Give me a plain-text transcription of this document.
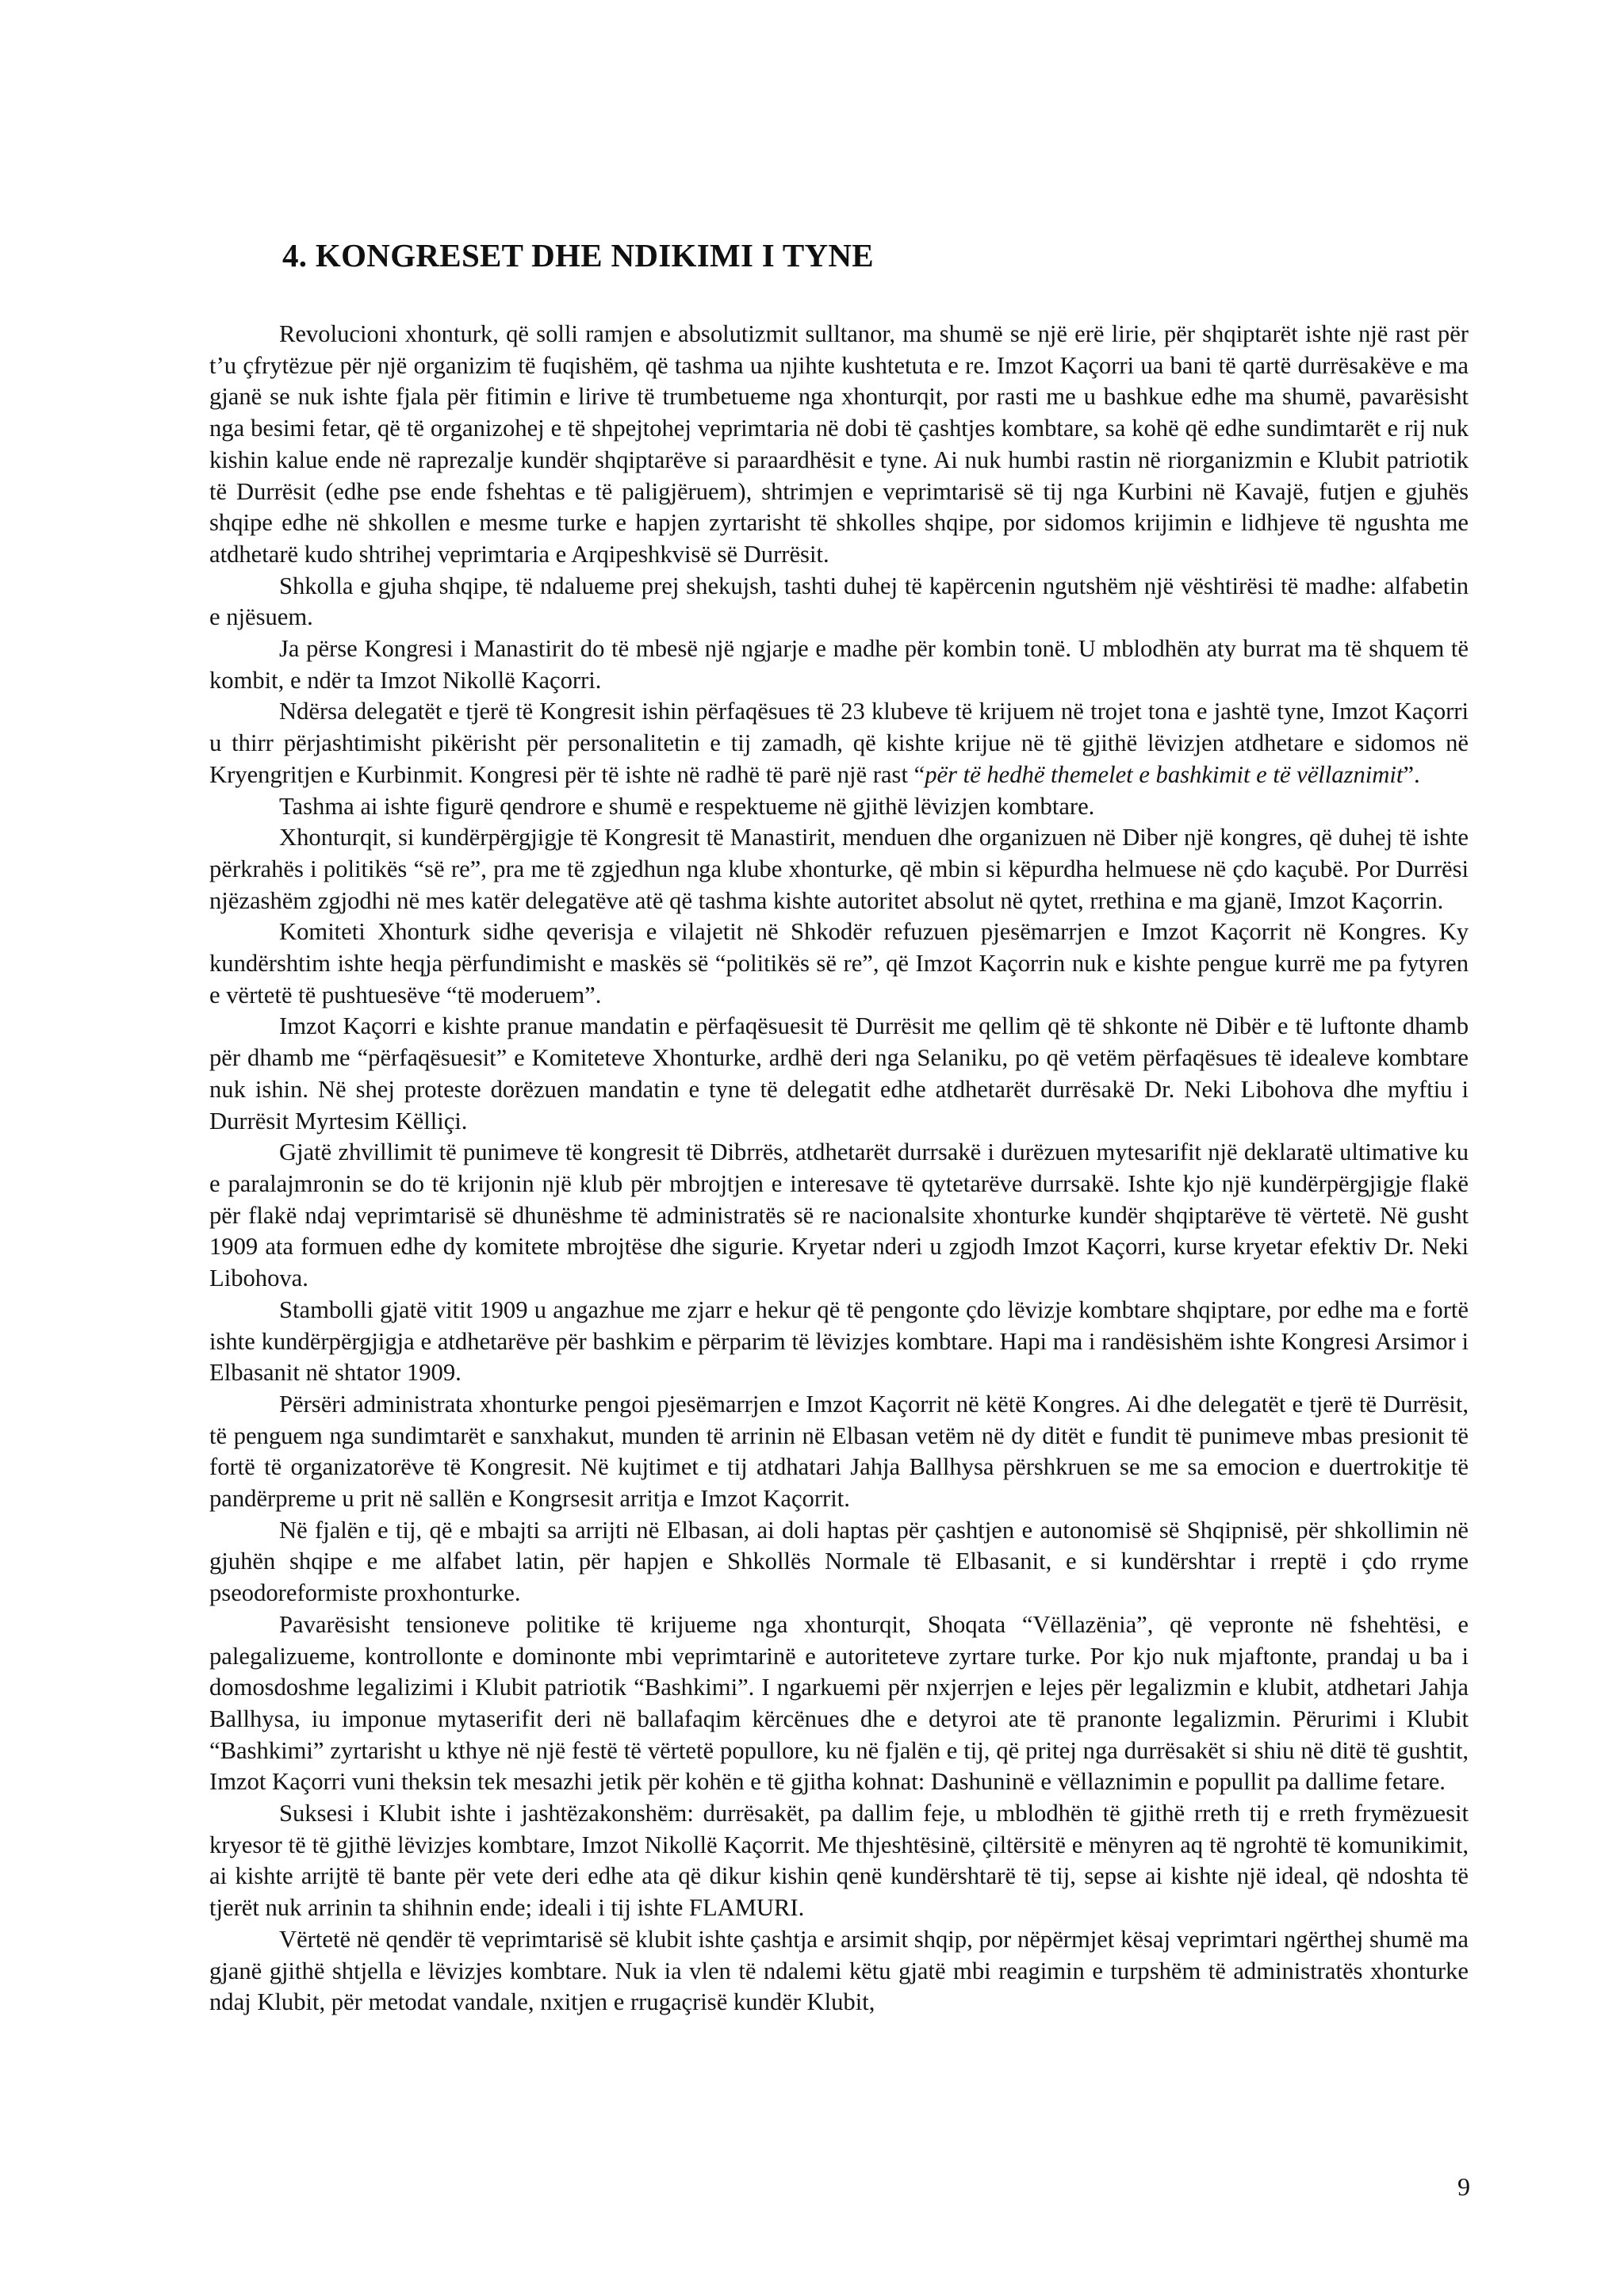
4. KONGRESET DHE NDIKIMI I TYNE

Revolucioni xhonturk, që solli ramjen e absolutizmit sulltanor, ma shumë se një erë lirie, për shqiptarët ishte një rast për t’u çfrytëzue për një organizim të fuqishëm, që tashma ua njihte kushtetuta e re. Imzot Kaçorri ua bani të qartë durrësakëve e ma gjanë se nuk ishte fjala për fitimin e lirive të trumbetueme nga xhonturqit, por rasti me u bashkue edhe ma shumë, pavarësisht nga besimi fetar, që të organizohej e të shpejtohej veprimtaria në dobi të çashtjes kombtare, sa kohë që edhe sundimtarët e rij nuk kishin kalue ende në raprezalje kundër shqiptarëve si paraardhësit e tyne. Ai nuk humbi rastin në riorganizmin e Klubit patriotik të Durrësit (edhe pse ende fshehtas e të paligjëruem), shtrimjen e veprimtarisë së tij nga Kurbini në Kavajë, futjen e gjuhës shqipe edhe në shkollen e mesme turke e hapjen zyrtarisht të shkolles shqipe, por sidomos krijimin e lidhjeve të ngushta me atdhetarë kudo shtrihej veprimtaria e Arqipeshkvisë së Durrësit.

Shkolla e gjuha shqipe, të ndalueme prej shekujsh, tashti duhej të kapërcenin ngutshëm një vështirësi të madhe: alfabetin e njësuem.

Ja përse Kongresi i Manastirit do të mbesë një ngjarje e madhe për kombin tonë. U mblodhën aty burrat ma të shquem të kombit, e ndër ta Imzot Nikollë Kaçorri.

Ndërsa delegatët e tjerë të Kongresit ishin përfaqësues të 23 klubeve të krijuem në trojet tona e jashtë tyne, Imzot Kaçorri u thirr përjashtimisht pikërisht për personalitetin e tij zamadh, që kishte krijue në të gjithë lëvizjen atdhetare e sidomos në Kryengritjen e Kurbinmit. Kongresi për të ishte në radhë të parë një rast “për të hedhë themelet e bashkimit e të vëllaznimit”.

Tashma ai ishte figurë qendrore e shumë e respektueme në gjithë lëvizjen kombtare.

Xhonturqit, si kundërpërgjigje të Kongresit të Manastirit, menduen dhe organizuen në Diber një kongres, që duhej të ishte përkrahës i politikës “së re”, pra me të zgjedhun nga klube xhonturke, që mbin si këpurdha helmuese në çdo kaçubë. Por Durrësi njëzashëm zgjodhi në mes katër delegatëve atë që tashma kishte autoritet absolut në qytet, rrethina e ma gjanë, Imzot Kaçorrin.

Komiteti Xhonturk sidhe qeverisja e vilajetit në Shkodër refuzuen pjesëmarrjen e Imzot Kaçorrit në Kongres. Ky kundërshtim ishte heqja përfundimisht e maskës së “politikës së re”, që Imzot Kaçorrin nuk e kishte pengue kurrë me pa fytyren e vërtetë të pushtuesëve “të moderuem”.

Imzot Kaçorri e kishte pranue mandatin e përfaqësuesit të Durrësit me qellim që të shkonte në Dibër e të luftonte dhamb për dhamb me “përfaqësuesit” e Komiteteve Xhonturke, ardhë deri nga Selaniku, po që vetëm përfaqësues të idealeve kombtare nuk ishin. Në shej proteste dorëzuen mandatin e tyne të delegatit edhe atdhetarët durrësakë Dr. Neki Libohova dhe myftiu i Durrësit Myrtesim Këlliçi.

Gjatë zhvillimit të punimeve të kongresit të Dibrrës, atdhetarët durrsakë i durëzuen mytesarifit një deklaratë ultimative ku e paralajmronin se do të krijonin një klub për mbrojtjen e interesave të qytetarëve durrsakë. Ishte kjo një kundërpërgjigje flakë për flakë ndaj veprimtarisë së dhunëshme të administratës së re nacionalsite xhonturke kundër shqiptarëve të vërtetë. Në gusht 1909 ata formuen edhe dy komitete mbrojtëse dhe sigurie. Kryetar nderi u zgjodh Imzot Kaçorri, kurse kryetar efektiv Dr. Neki Libohova.

Stambolli gjatë vitit 1909 u angazhue me zjarr e hekur që të pengonte çdo lëvizje kombtare shqiptare, por edhe ma e fortë ishte kundërpërgjigja e atdhetarëve për bashkim e përparim të lëvizjes kombtare. Hapi ma i randësishëm ishte Kongresi Arsimor i Elbasanit në shtator 1909.

Përsëri administrata xhonturke pengoi pjesëmarrjen e Imzot Kaçorrit në këtë Kongres. Ai dhe delegatët e tjerë të Durrësit, të penguem nga sundimtarët e sanxhakut, munden të arrinin në Elbasan vetëm në dy ditët e fundit të punimeve mbas presionit të fortë të organizatorëve të Kongresit. Në kujtimet e tij atdhatari Jahja Ballhysa përshkruen se me sa emocion e duertrokitje të pandërpreme u prit në sallën e Kongrsesit arritja e Imzot Kaçorrit.

Në fjalën e tij, që e mbajti sa arrijti në Elbasan, ai doli haptas për çashtjen e autonomisë së Shqipnisë, për shkollimin në gjuhën shqipe e me alfabet latin, për hapjen e Shkollës Normale të Elbasanit, e si kundërshtar i rreptë i çdo rryme pseodoreformiste proxhonturke.

Pavarësisht tensioneve politike të krijueme nga xhonturqit, Shoqata “Vëllazënia”, që vepronte në fshehtësi, e palegalizueme, kontrollonte e dominonte mbi veprimtarinë e autoriteteve zyrtare turke. Por kjo nuk mjaftonte, prandaj u ba i domosdoshme legalizimi i Klubit patriotik “Bashkimi”. I ngarkuemi për nxjerrjen e lejes për legalizmin e klubit, atdhetari Jahja Ballhysa, iu imponue mytaserifit deri në ballafaqim kërcënues dhe e detyroi ate të pranonte legalizmin. Përurimi i Klubit “Bashkimi” zyrtarisht u kthye në një festë të vërtetë popullore, ku në fjalën e tij, që pritej nga durrësakët si shiu në ditë të gushtit, Imzot Kaçorri vuni theksin tek mesazhi jetik për kohën e të gjitha kohnat: Dashuninë e vëllaznimin e popullit pa dallime fetare.

Suksesi i Klubit ishte i jashtëzakonshëm: durrësakët, pa dallim feje, u mblodhën të gjithë rreth tij e rreth frymëzuesit kryesor të të gjithë lëvizjes kombtare, Imzot Nikollë Kaçorrit. Me thjeshtësinë, çiltërsitë e mënyren aq të ngrohtë të komunikimit, ai kishte arrijtë të bante për vete deri edhe ata që dikur kishin qenë kundërshtarë të tij, sepse ai kishte një ideal, që ndoshta të tjerët nuk arrinin ta shihnin ende; ideali i tij ishte FLAMURI.

Vërtetë në qendër të veprimtarisë së klubit ishte çashtja e arsimit shqip, por nëpërmjet kësaj veprimtari ngërthej shumë ma gjanë gjithë shtjella e lëvizjes kombtare. Nuk ia vlen të ndalemi këtu gjatë mbi reagimin e turpshëm të administratës xhonturke ndaj Klubit, për metodat vandale, nxitjen e rrugaçrisë kundër Klubit,

9
